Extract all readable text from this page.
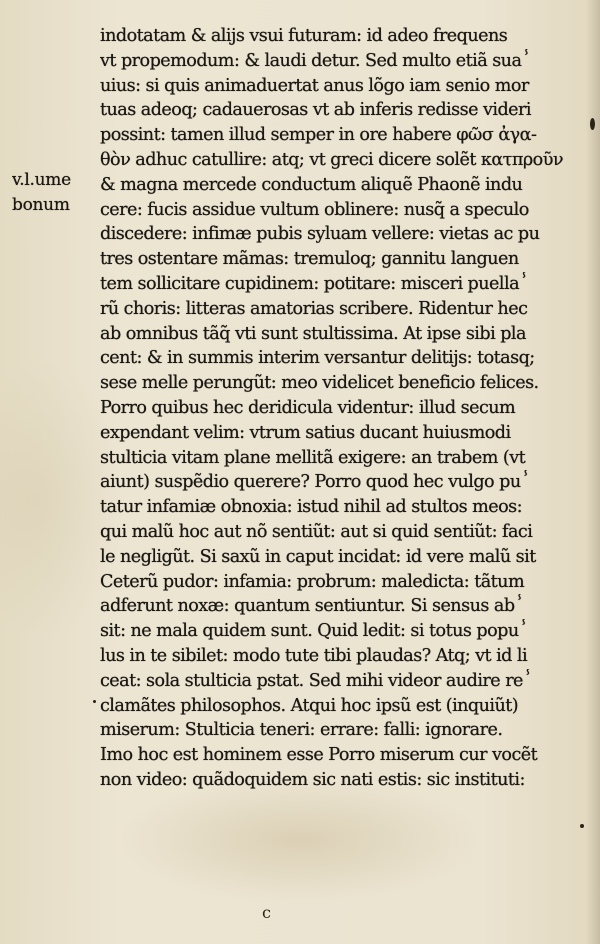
v.l.ume
bonum
indotatam & alijs vsui futuram: id adeo frequens
vt propemodum: & laudi detur. Sed multo etiã suaⸯ
uius: si quis animaduertat anus lõgo iam senio mor
tuas adeoq; cadauerosas vt ab inferis redisse videri
possint: tamen illud semper in ore habere φῶσ ἀγα-
θὸν adhuc catullire: atq; vt greci dicere solẽt κατπροῦν
& magna mercede conductum aliquẽ Phaonẽ indu
cere: fucis assidue vultum oblinere: nusq̃ a speculo
discedere: infimæ pubis syluam vellere: vietas ac pu
tres ostentare mãmas: tremuloq; gannitu languen
tem sollicitare cupidinem: potitare: misceri puellaⸯ
rũ choris: litteras amatorias scribere. Ridentur hec
ab omnibus tãq̃ vti sunt stultissima. At ipse sibi pla
cent: & in summis interim versantur delitijs: totasq;
sese melle perungũt: meo videlicet beneficio felices.
Porro quibus hec deridicula videntur: illud secum
expendant velim: vtrum satius ducant huiusmodi
stulticia vitam plane mellitã exigere: an trabem (vt
aiunt) suspẽdio querere? Porro quod hec vulgo puⸯ
tatur infamiæ obnoxia: istud nihil ad stultos meos:
qui malũ hoc aut nõ sentiũt: aut si quid sentiũt: faci
le negligũt. Si saxũ in caput incidat: id vere malũ sit
Ceterũ pudor: infamia: probrum: maledicta: tãtum
adferunt noxæ: quantum sentiuntur. Si sensus abⸯ
sit: ne mala quidem sunt. Quid ledit: si totus popuⸯ
lus in te sibilet: modo tute tibi plaudas? Atq; vt id li
ceat: sola stulticia pstat. Sed mihi videor audire reⸯ
clamãtes philosophos. Atqui hoc ipsũ est (inquiũt)
miserum: Stulticia teneri: errare: falli: ignorare.
Imo hoc est hominem esse Porro miserum cur vocẽt
non video: quãdoquidem sic nati estis: sic instituti:
c
